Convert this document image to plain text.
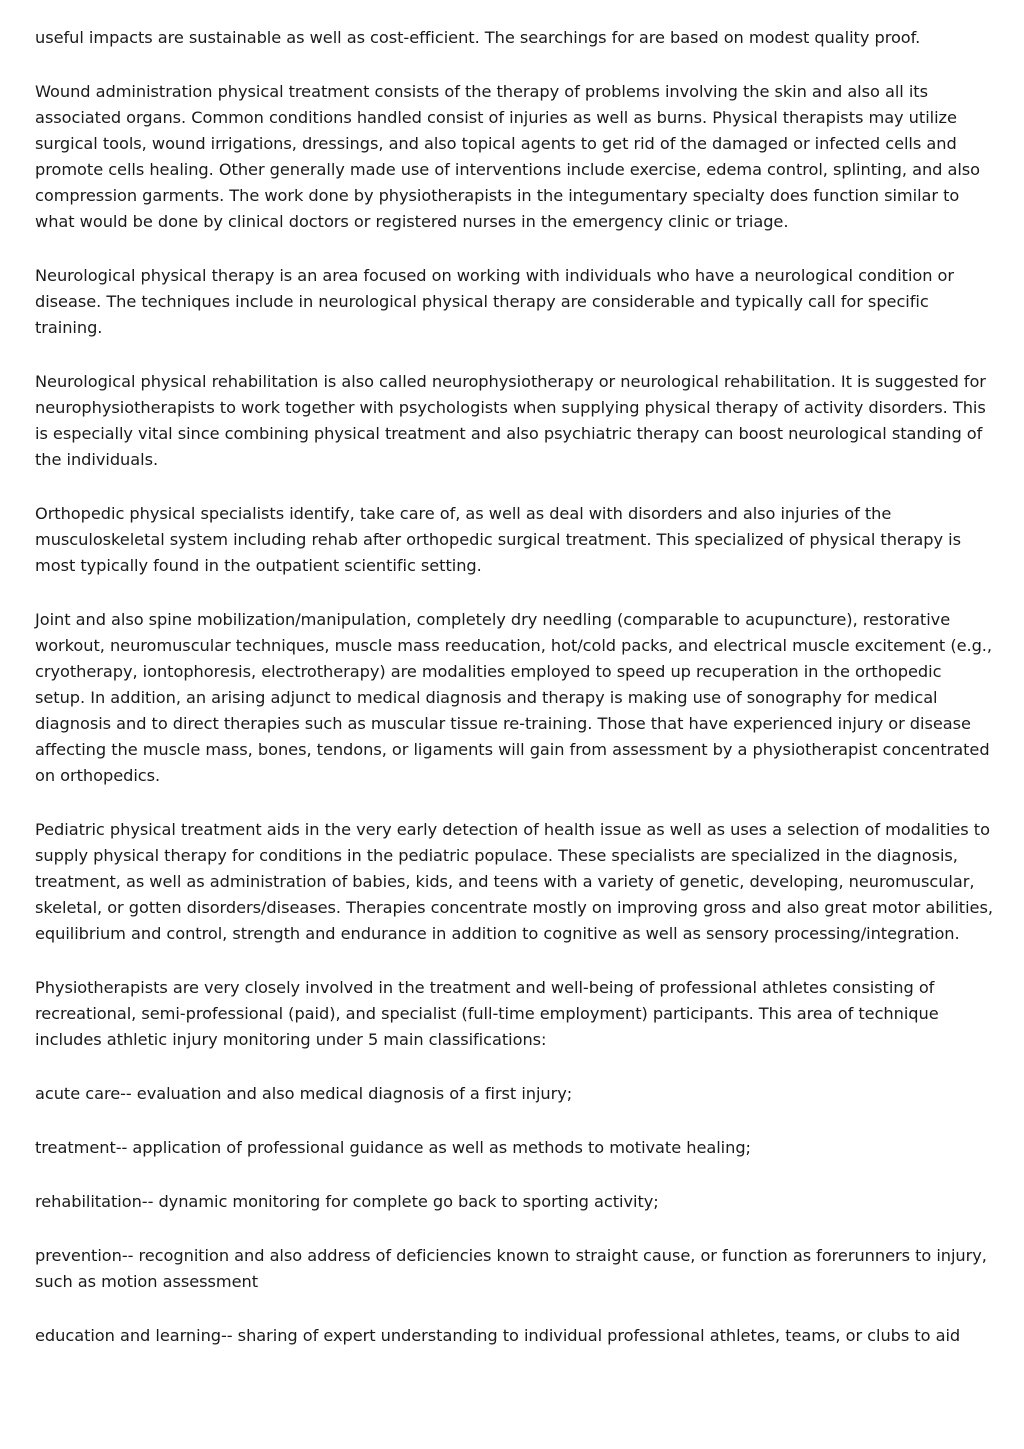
useful impacts are sustainable as well as cost-efficient. The searchings for are based on modest quality proof.

Wound administration physical treatment consists of the therapy of problems involving the skin and also all its associated organs. Common conditions handled consist of injuries as well as burns. Physical therapists may utilize surgical tools, wound irrigations, dressings, and also topical agents to get rid of the damaged or infected cells and promote cells healing. Other generally made use of interventions include exercise, edema control, splinting, and also compression garments. The work done by physiotherapists in the integumentary specialty does function similar to what would be done by clinical doctors or registered nurses in the emergency clinic or triage.

Neurological physical therapy is an area focused on working with individuals who have a neurological condition or disease. The techniques include in neurological physical therapy are considerable and typically call for specific training.

Neurological physical rehabilitation is also called neurophysiotherapy or neurological rehabilitation. It is suggested for neurophysiotherapists to work together with psychologists when supplying physical therapy of activity disorders. This is especially vital since combining physical treatment and also psychiatric therapy can boost neurological standing of the individuals.

Orthopedic physical specialists identify, take care of, as well as deal with disorders and also injuries of the musculoskeletal system including rehab after orthopedic surgical treatment. This specialized of physical therapy is most typically found in the outpatient scientific setting.

Joint and also spine mobilization/manipulation, completely dry needling (comparable to acupuncture), restorative workout, neuromuscular techniques, muscle mass reeducation, hot/cold packs, and electrical muscle excitement (e.g., cryotherapy, iontophoresis, electrotherapy) are modalities employed to speed up recuperation in the orthopedic setup. In addition, an arising adjunct to medical diagnosis and therapy is making use of sonography for medical diagnosis and to direct therapies such as muscular tissue re-training. Those that have experienced injury or disease affecting the muscle mass, bones, tendons, or ligaments will gain from assessment by a physiotherapist concentrated on orthopedics.

Pediatric physical treatment aids in the very early detection of health issue as well as uses a selection of modalities to supply physical therapy for conditions in the pediatric populace. These specialists are specialized in the diagnosis, treatment, as well as administration of babies, kids, and teens with a variety of genetic, developing, neuromuscular, skeletal, or gotten disorders/diseases. Therapies concentrate mostly on improving gross and also great motor abilities, equilibrium and control, strength and endurance in addition to cognitive as well as sensory processing/integration.

Physiotherapists are very closely involved in the treatment and well-being of professional athletes consisting of recreational, semi-professional (paid), and specialist (full-time employment) participants. This area of technique includes athletic injury monitoring under 5 main classifications:

acute care-- evaluation and also medical diagnosis of a first injury;

treatment-- application of professional guidance as well as methods to motivate healing;

rehabilitation-- dynamic monitoring for complete go back to sporting activity;

prevention-- recognition and also address of deficiencies known to straight cause, or function as forerunners to injury, such as motion assessment

education and learning-- sharing of expert understanding to individual professional athletes, teams, or clubs to aid
